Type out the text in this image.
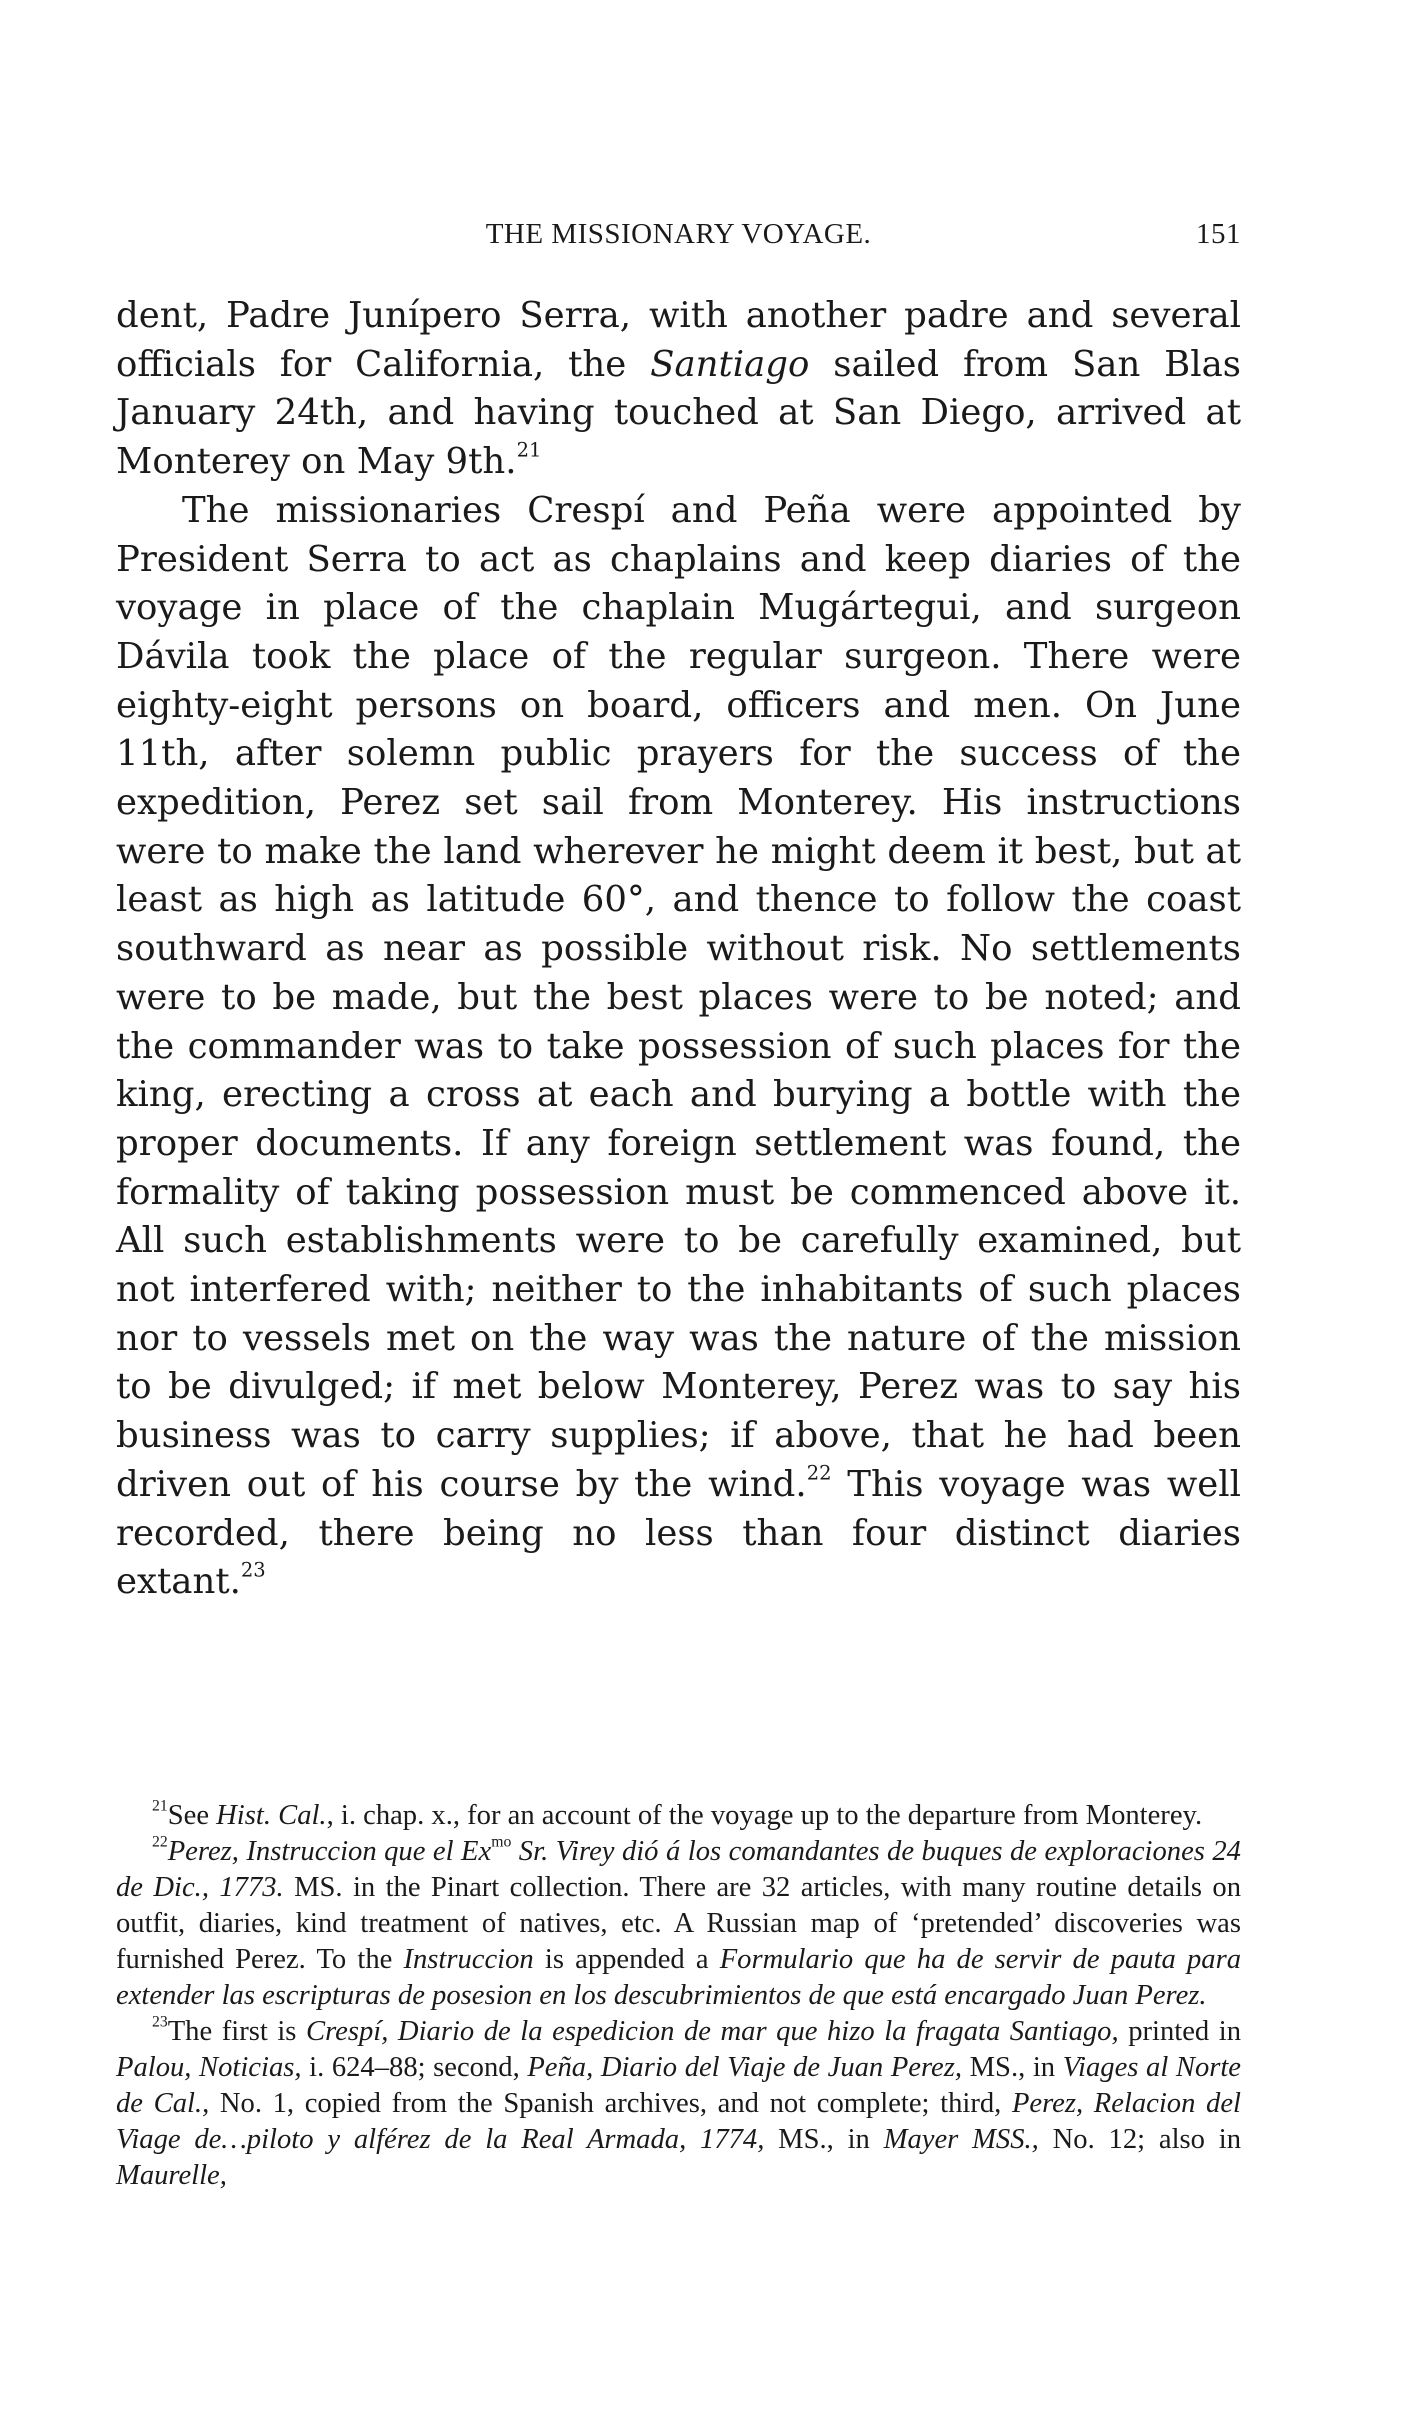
THE MISSIONARY VOYAGE.	151

dent, Padre Junípero Serra, with another padre and several officials for California, the Santiago sailed from San Blas January 24th, and having touched at San Diego, arrived at Monterey on May 9th.$^{21}$

The missionaries Crespí and Peña were appointed by President Serra to act as chaplains and keep diaries of the voyage in place of the chaplain Mugártegui, and surgeon Dávila took the place of the regular surgeon. There were eighty-eight persons on board, officers and men. On June 11th, after solemn public prayers for the success of the expedition, Perez set sail from Monterey. His instructions were to make the land wherever he might deem it best, but at least as high as latitude 60°, and thence to follow the coast southward as near as possible without risk. No settlements were to be made, but the best places were to be noted; and the commander was to take possession of such places for the king, erecting a cross at each and burying a bottle with the proper documents. If any foreign settlement was found, the formality of taking possession must be commenced above it. All such establishments were to be carefully examined, but not interfered with; neither to the inhabitants of such places nor to vessels met on the way was the nature of the mission to be divulged; if met below Monterey, Perez was to say his business was to carry supplies; if above, that he had been driven out of his course by the wind.$^{22}$ This voyage was well recorded, there being no less than four distinct diaries extant.$^{23}$

$^{21}$See Hist. Cal., i. chap. x., for an account of the voyage up to the departure from Monterey.

$^{22}$Perez, Instruccion que el $Ex^{mo}$ Sr. Virey dió á los comandantes de buques de exploraciones 24 de Dic., 1773. MS. in the Pinart collection. There are 32 articles, with many routine details on outfit, diaries, kind treatment of natives, etc. A Russian map of ‘pretended’ discoveries was furnished Perez. To the Instruccion is appended a Formulario que ha de servir de pauta para extender las escripturas de posesion en los descubrimientos de que está encargado Juan Perez.

$^{23}$The first is Crespí, Diario de la espedicion de mar que hizo la fragata Santiago, printed in Palou, Noticias, i. 624–88; second, Peña, Diario del Viaje de Juan Perez, MS., in Viages al Norte de Cal., No. 1, copied from the Spanish archives, and not complete; third, Perez, Relacion del Viage de…piloto y alférez de la Real Armada, 1774, MS., in Mayer MSS., No. 12; also in Maurelle,
